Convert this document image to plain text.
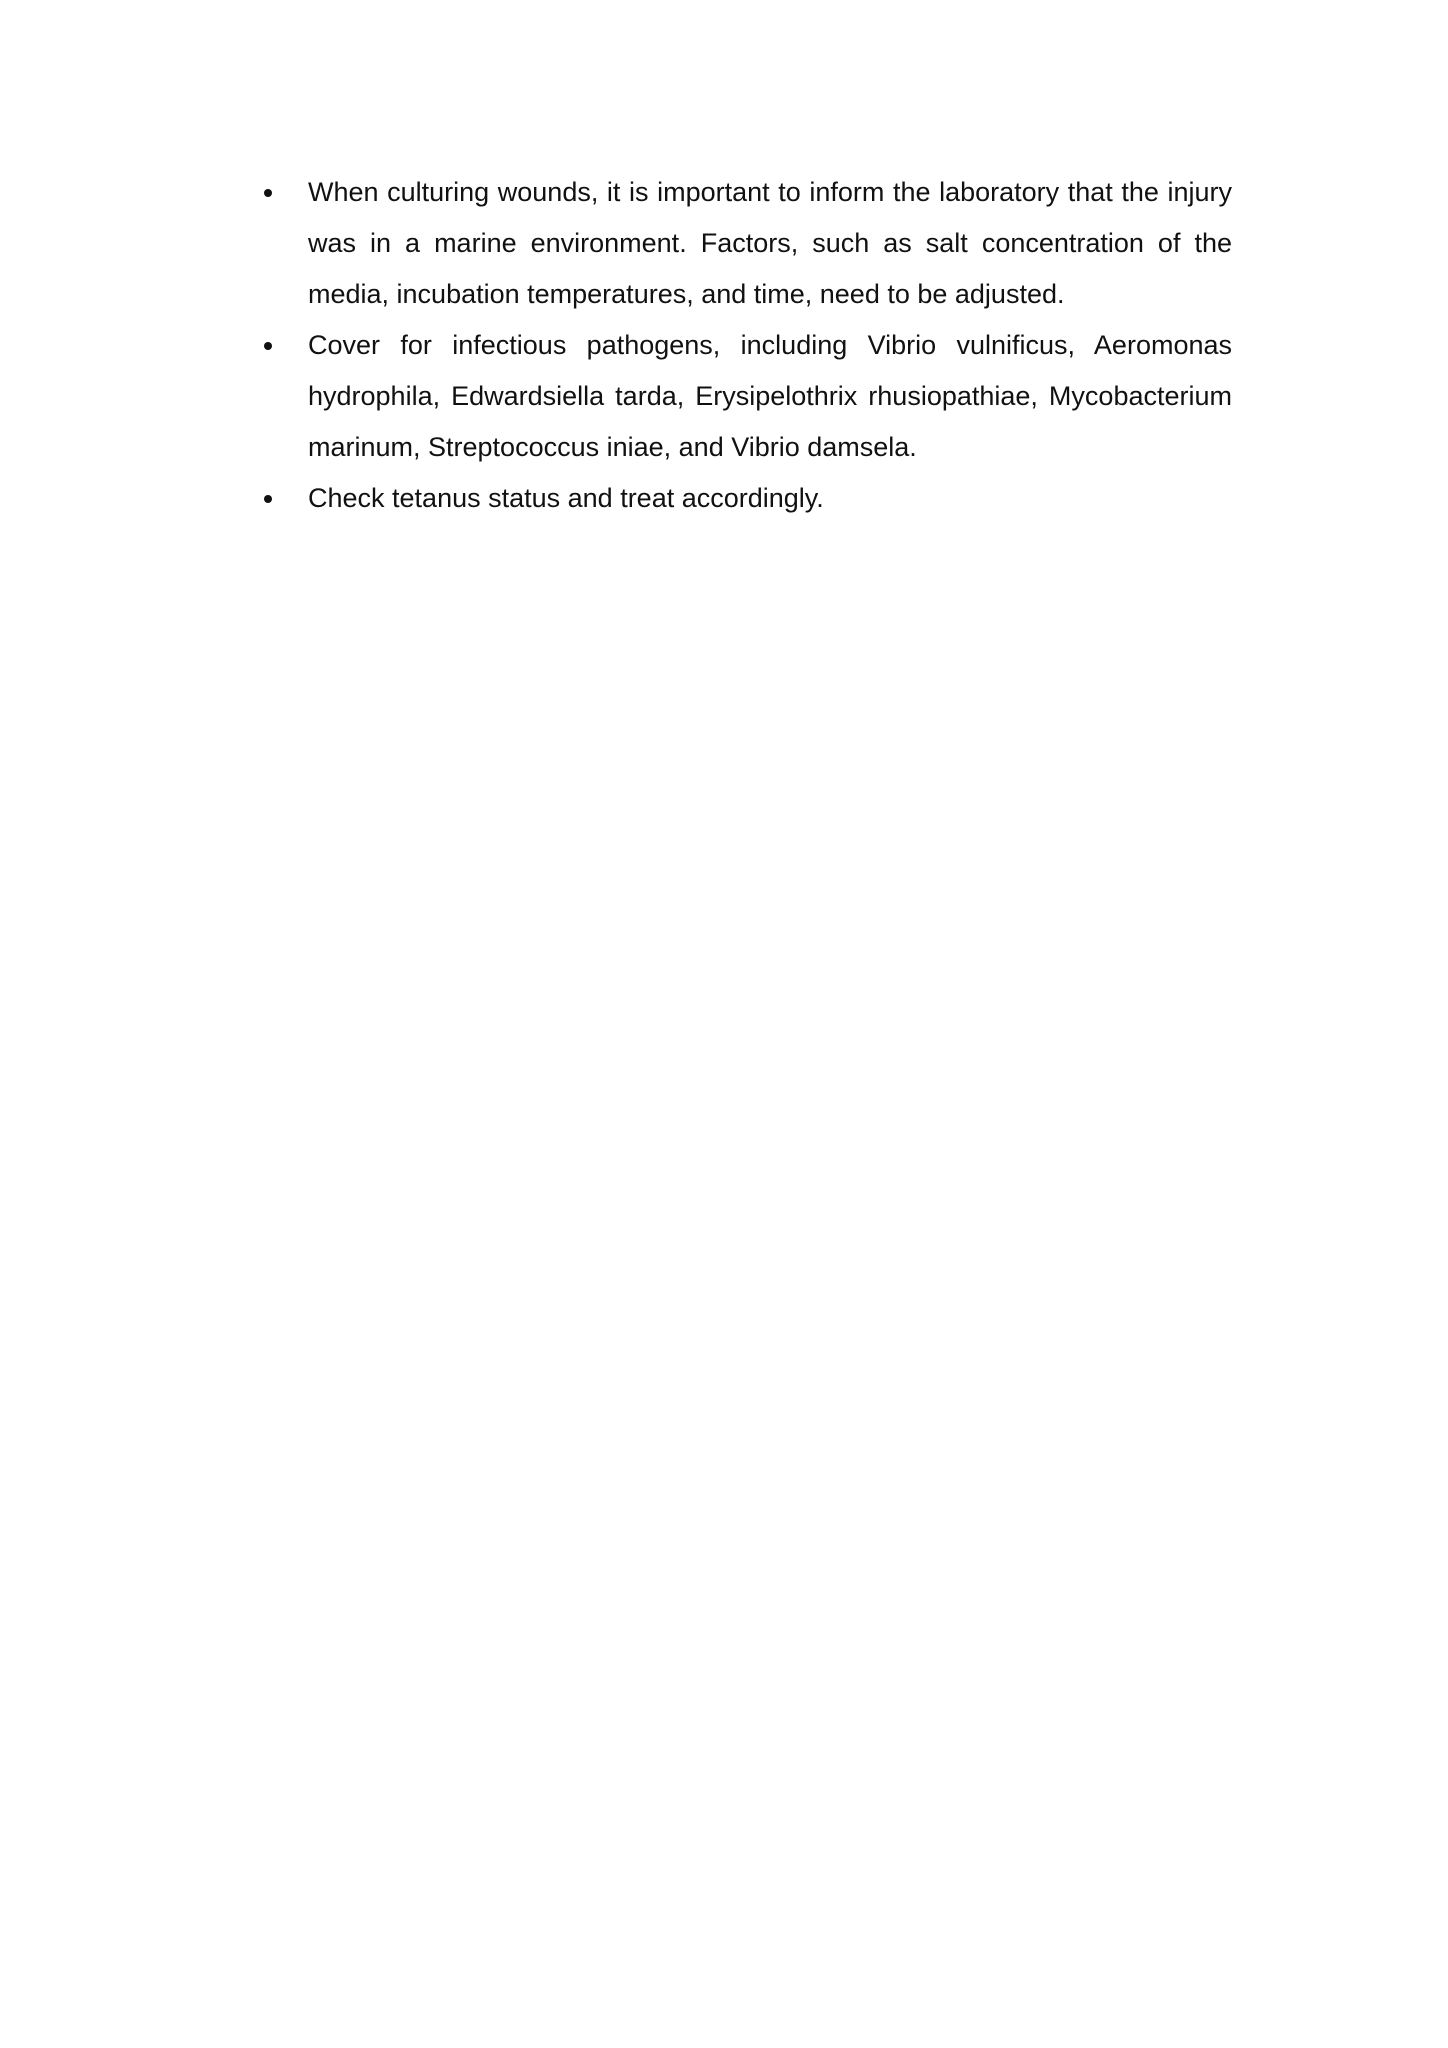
When culturing wounds, it is important to inform the laboratory that the injury was in a marine environment. Factors, such as salt concentration of the media, incubation temperatures, and time, need to be adjusted.
Cover for infectious pathogens, including Vibrio vulnificus, Aeromonas hydrophila, Edwardsiella tarda, Erysipelothrix rhusiopathiae, Mycobacterium marinum, Streptococcus iniae, and Vibrio damsela.
Check tetanus status and treat accordingly.
